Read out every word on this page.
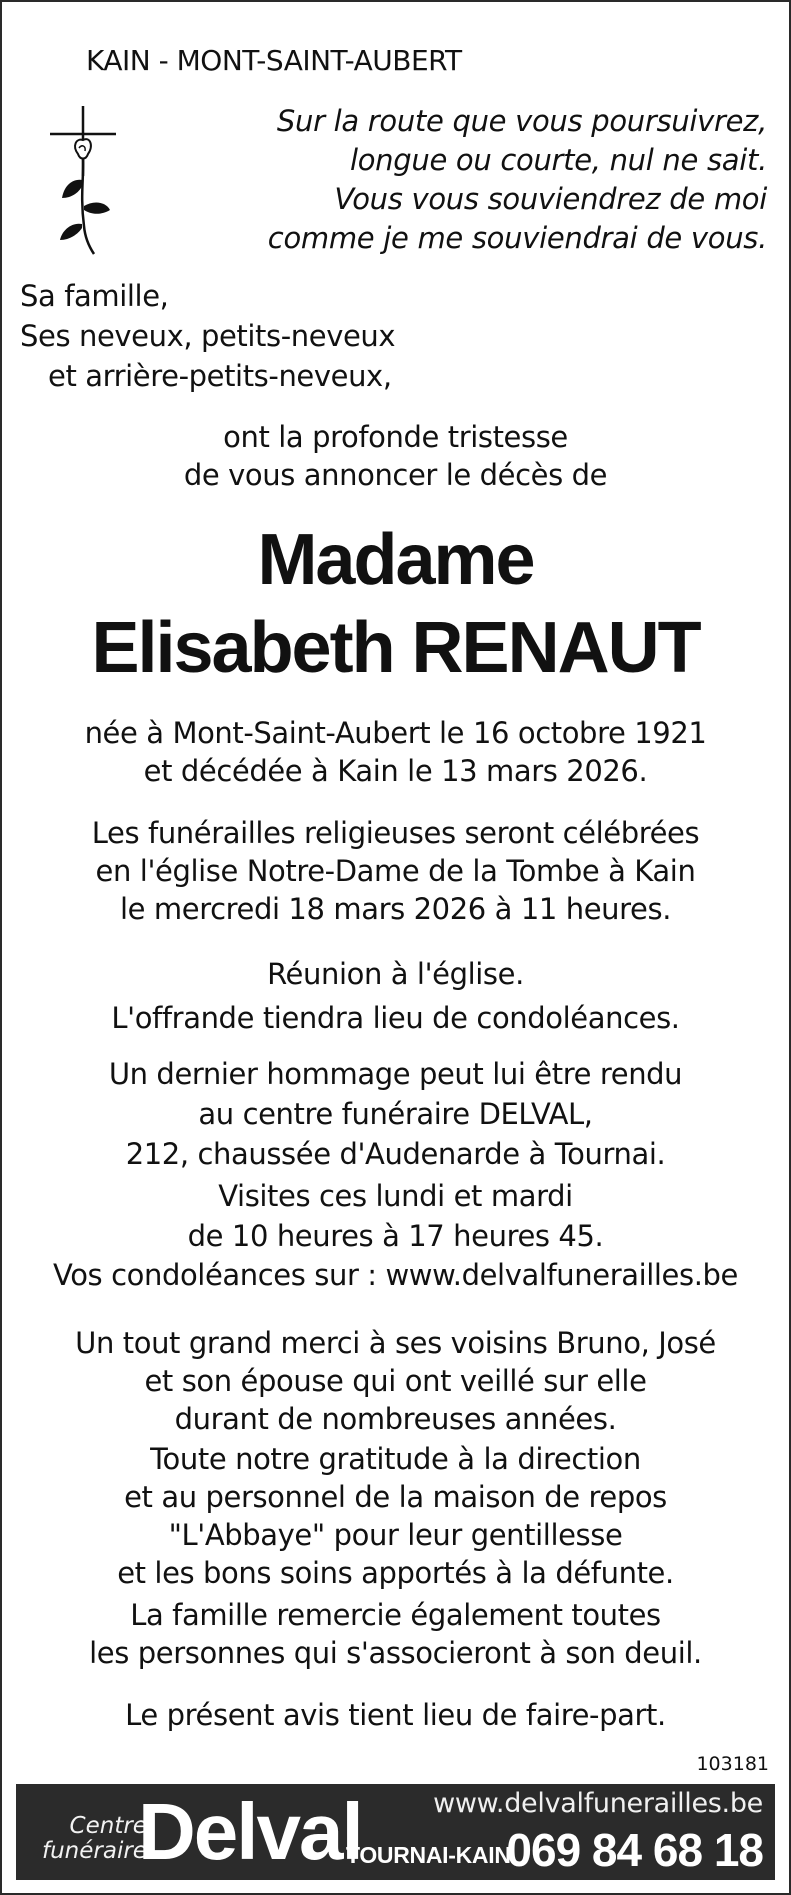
KAIN - MONT-SAINT-AUBERT
Sur la route que vous poursuivrez,
longue ou courte, nul ne sait.
Vous vous souviendrez de moi
comme je me souviendrai de vous.
Sa famille,
Ses neveux, petits-neveux
et arrière-petits-neveux,
ont la profonde tristesse
de vous annoncer le décès de
Madame
Elisabeth RENAUT
née à Mont-Saint-Aubert le 16 octobre 1921
et décédée à Kain le 13 mars 2026.
Les funérailles religieuses seront célébrées
en l'église Notre-Dame de la Tombe à Kain
le mercredi 18 mars 2026 à 11 heures.
Réunion à l'église.
L'offrande tiendra lieu de condoléances.
Un dernier hommage peut lui être rendu
au centre funéraire DELVAL,
212, chaussée d'Audenarde à Tournai.
Visites ces lundi et mardi
de 10 heures à 17 heures 45.
Vos condoléances sur : www.delvalfunerailles.be
Un tout grand merci à ses voisins Bruno, José
et son épouse qui ont veillé sur elle
durant de nombreuses années.
Toute notre gratitude à la direction
et au personnel de la maison de repos
"L'Abbaye" pour leur gentillesse
et les bons soins apportés à la défunte.
La famille remercie également toutes
les personnes qui s'associeront à son deuil.
Le présent avis tient lieu de faire-part.
103181
Centre
funéraire
Delval
TOURNAI-KAIN
www.delvalfunerailles.be
069 84 68 18
